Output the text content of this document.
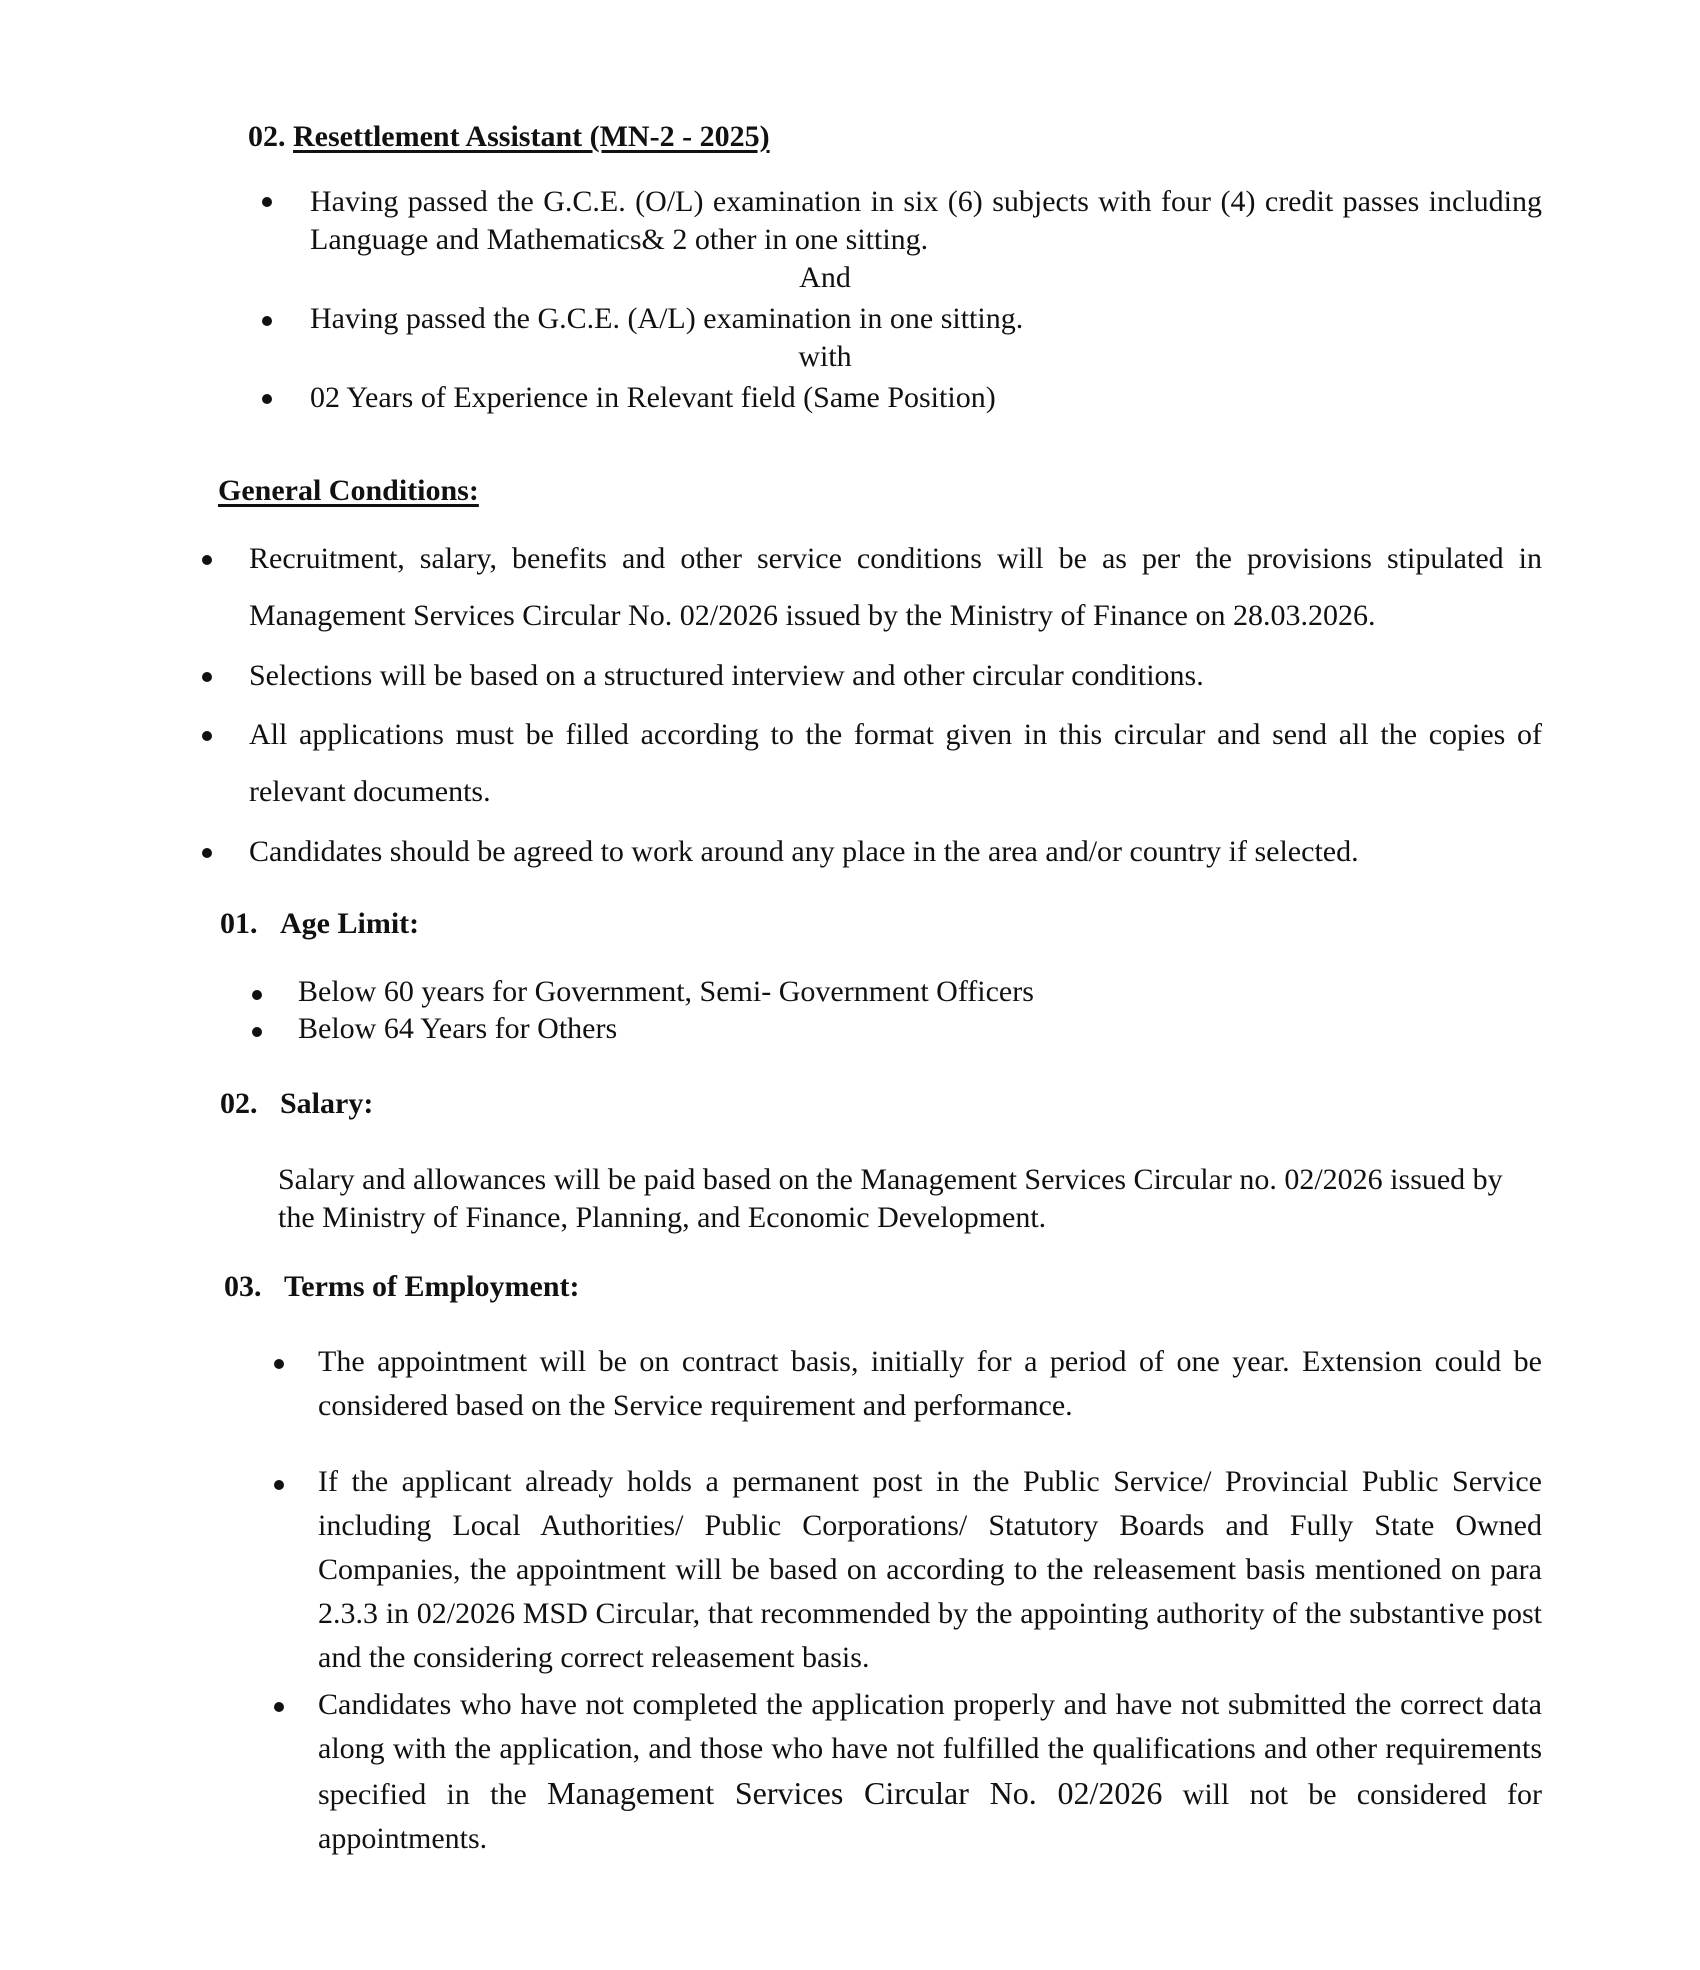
02. Resettlement Assistant (MN-2 - 2025)
Having passed the G.C.E. (O/L) examination in six (6) subjects with four (4) credit passes including Language and Mathematics& 2 other in one sitting.
And
Having passed the G.C.E. (A/L) examination in one sitting.
with
02 Years of Experience in Relevant field (Same Position)
General Conditions:
Recruitment, salary, benefits and other service conditions will be as per the provisions stipulated in Management Services Circular No. 02/2026 issued by the Ministry of Finance on 28.03.2026.
Selections will be based on a structured interview and other circular conditions.
All applications must be filled according to the format given in this circular and send all the copies of relevant documents.
Candidates should be agreed to work around any place in the area and/or country if selected.
01. Age Limit:
Below 60 years for Government, Semi- Government Officers
Below 64 Years for Others
02. Salary:
Salary and allowances will be paid based on the Management Services Circular no. 02/2026 issued by the Ministry of Finance, Planning, and Economic Development.
03. Terms of Employment:
The appointment will be on contract basis, initially for a period of one year. Extension could be considered based on the Service requirement and performance.
If the applicant already holds a permanent post in the Public Service/ Provincial Public Service including Local Authorities/ Public Corporations/ Statutory Boards and Fully State Owned Companies, the appointment will be based on according to the releasement basis mentioned on para 2.3.3 in 02/2026 MSD Circular, that recommended by the appointing authority of the substantive post and the considering correct releasement basis.
Candidates who have not completed the application properly and have not submitted the correct data along with the application, and those who have not fulfilled the qualifications and other requirements specified in the Management Services Circular No. 02/2026 will not be considered for appointments.
